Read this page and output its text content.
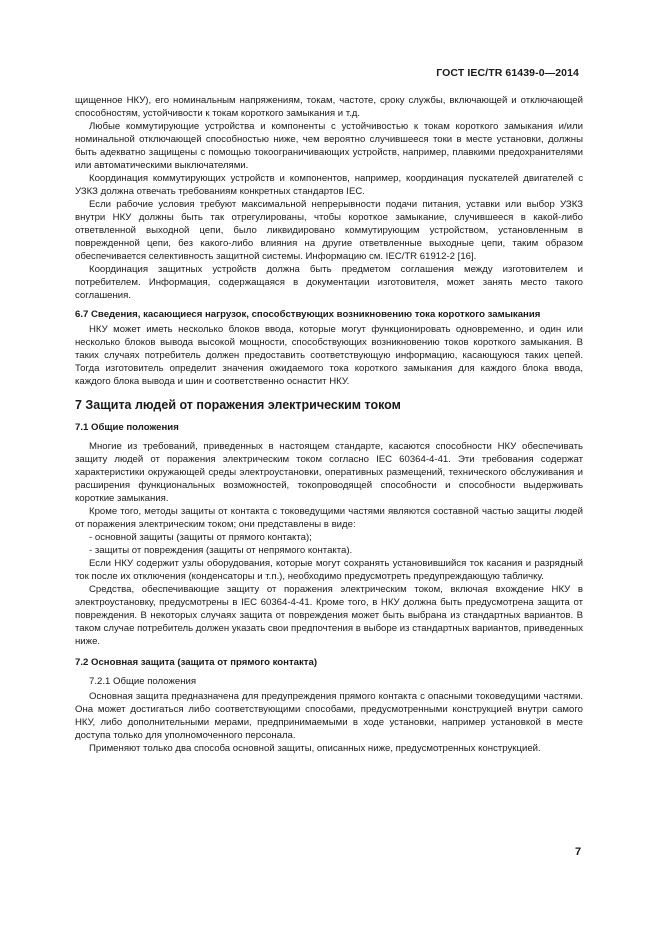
ГОСТ IEC/TR 61439-0—2014

щищенное НКУ), его номинальным напряжениям, токам, частоте, сроку службы, включающей и отключающей способностям, устойчивости к токам короткого замыкания и т.д.

Любые коммутирующие устройства и компоненты с устойчивостью к токам короткого замыкания и/или номинальной отключающей способностью ниже, чем вероятно случившееся токи в месте установки, должны быть адекватно защищены с помощью токоограничивающих устройств, например, плавкими предохранителями или автоматическими выключателями.

Координация коммутирующих устройств и компонентов, например, координация пускателей двигателей с УЗКЗ должна отвечать требованиям конкретных стандартов IEC.

Если рабочие условия требуют максимальной непрерывности подачи питания, уставки или выбор УЗКЗ внутри НКУ должны быть так отрегулированы, чтобы короткое замыкание, случившееся в какой-либо ответвленной выходной цепи, было ликвидировано коммутирующим устройством, установленным в поврежденной цепи, без какого-либо влияния на другие ответвленные выходные цепи, таким образом обеспечивается селективность защитной системы. Информацию см. IEC/TR 61912-2 [16].

Координация защитных устройств должна быть предметом соглашения между изготовителем и потребителем. Информация, содержащаяся в документации изготовителя, может занять место такого соглашения.

6.7 Сведения, касающиеся нагрузок, способствующих возникновению тока короткого замыкания

НКУ может иметь несколько блоков ввода, которые могут функционировать одновременно, и один или несколько блоков вывода высокой мощности, способствующих возникновению токов короткого замыкания. В таких случаях потребитель должен предоставить соответствующую информацию, касающуюся таких цепей. Тогда изготовитель определит значения ожидаемого тока короткого замыкания для каждого блока ввода, каждого блока вывода и шин и соответственно оснастит НКУ.

7 Защита людей от поражения электрическим током
7.1 Общие положения

Многие из требований, приведенных в настоящем стандарте, касаются способности НКУ обеспечивать защиту людей от поражения электрическим током согласно IEC 60364-4-41. Эти требования содержат характеристики окружающей среды электроустановки, оперативных размещений, технического обслуживания и расширения функциональных возможностей, токопроводящей способности и способности выдерживать короткие замыкания.

Кроме того, методы защиты от контакта с токоведущими частями являются составной частью защиты людей от поражения электрическим током; они представлены в виде:

- основной защиты (защиты от прямого контакта);

- защиты от повреждения (защиты от непрямого контакта).

Если НКУ содержит узлы оборудования, которые могут сохранять установившийся ток касания и разрядный ток после их отключения (конденсаторы и т.п.), необходимо предусмотреть предупреждающую табличку.

Средства, обеспечивающие защиту от поражения электрическим током, включая вхождение НКУ в электроустановку, предусмотрены в IEC 60364-4-41. Кроме того, в НКУ должна быть предусмотрена защита от повреждения. В некоторых случаях защита от повреждения может быть выбрана из стандартных вариантов. В таком случае потребитель должен указать свои предпочтения в выборе из стандартных вариантов, приведенных ниже.

7.2 Основная защита (защита от прямого контакта)

7.2.1 Общие положения

Основная защита предназначена для предупреждения прямого контакта с опасными токоведущими частями. Она может достигаться либо соответствующими способами, предусмотренными конструкцией внутри самого НКУ, либо дополнительными мерами, предпринимаемыми в ходе установки, например установкой в месте доступа только для уполномоченного персонала.

Применяют только два способа основной защиты, описанных ниже, предусмотренных конструкцией.

7
